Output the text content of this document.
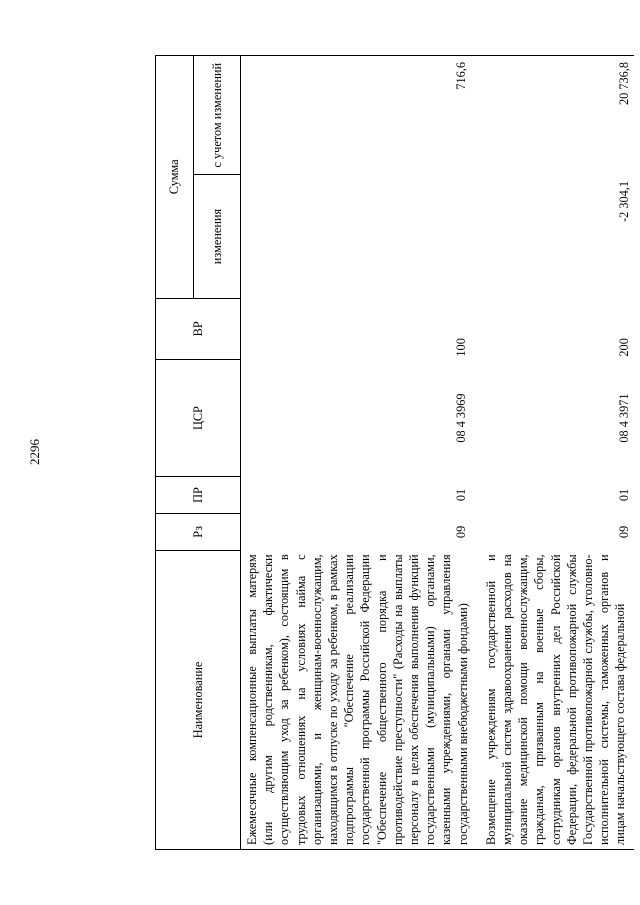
2296
Наименование	Рз	ПР	ЦСР	ВР	Сумма	
					изменения	с учетом изменений
Ежемесячные компенсационные выплаты матерям (или другим родственникам, фактически осуществляющим уход за ребенком), состоящим в трудовых отношениях на условиях найма с организациями, и женщинам-военнослужащим, находящимся в отпуске по уходу за ребенком, в рамках подпрограммы "Обеспечение реализации государственной программы Российской Федерации "Обеспечение общественного порядка и противодействие преступности" (Расходы на выплаты персоналу в целях обеспечения выполнения функций государственными (муниципальными) органами, казенными учреждениями, органами управления государственными внебюджетными фондами)	09	01	08 4 3969	100		716,6
Возмещение учреждениям государственной и муниципальной систем здравоохранения расходов на оказание медицинской помощи военнослужащим, гражданам, призванным на военные сборы, сотрудникам органов внутренних дел Российской Федерации, федеральной противопожарной службы Государственной противопожарной службы, уголовно-исполнительной системы, таможенных органов и лицам начальствующего состава федеральной	09	01	08 4 3971	200	-2 304,1	20 736,8
